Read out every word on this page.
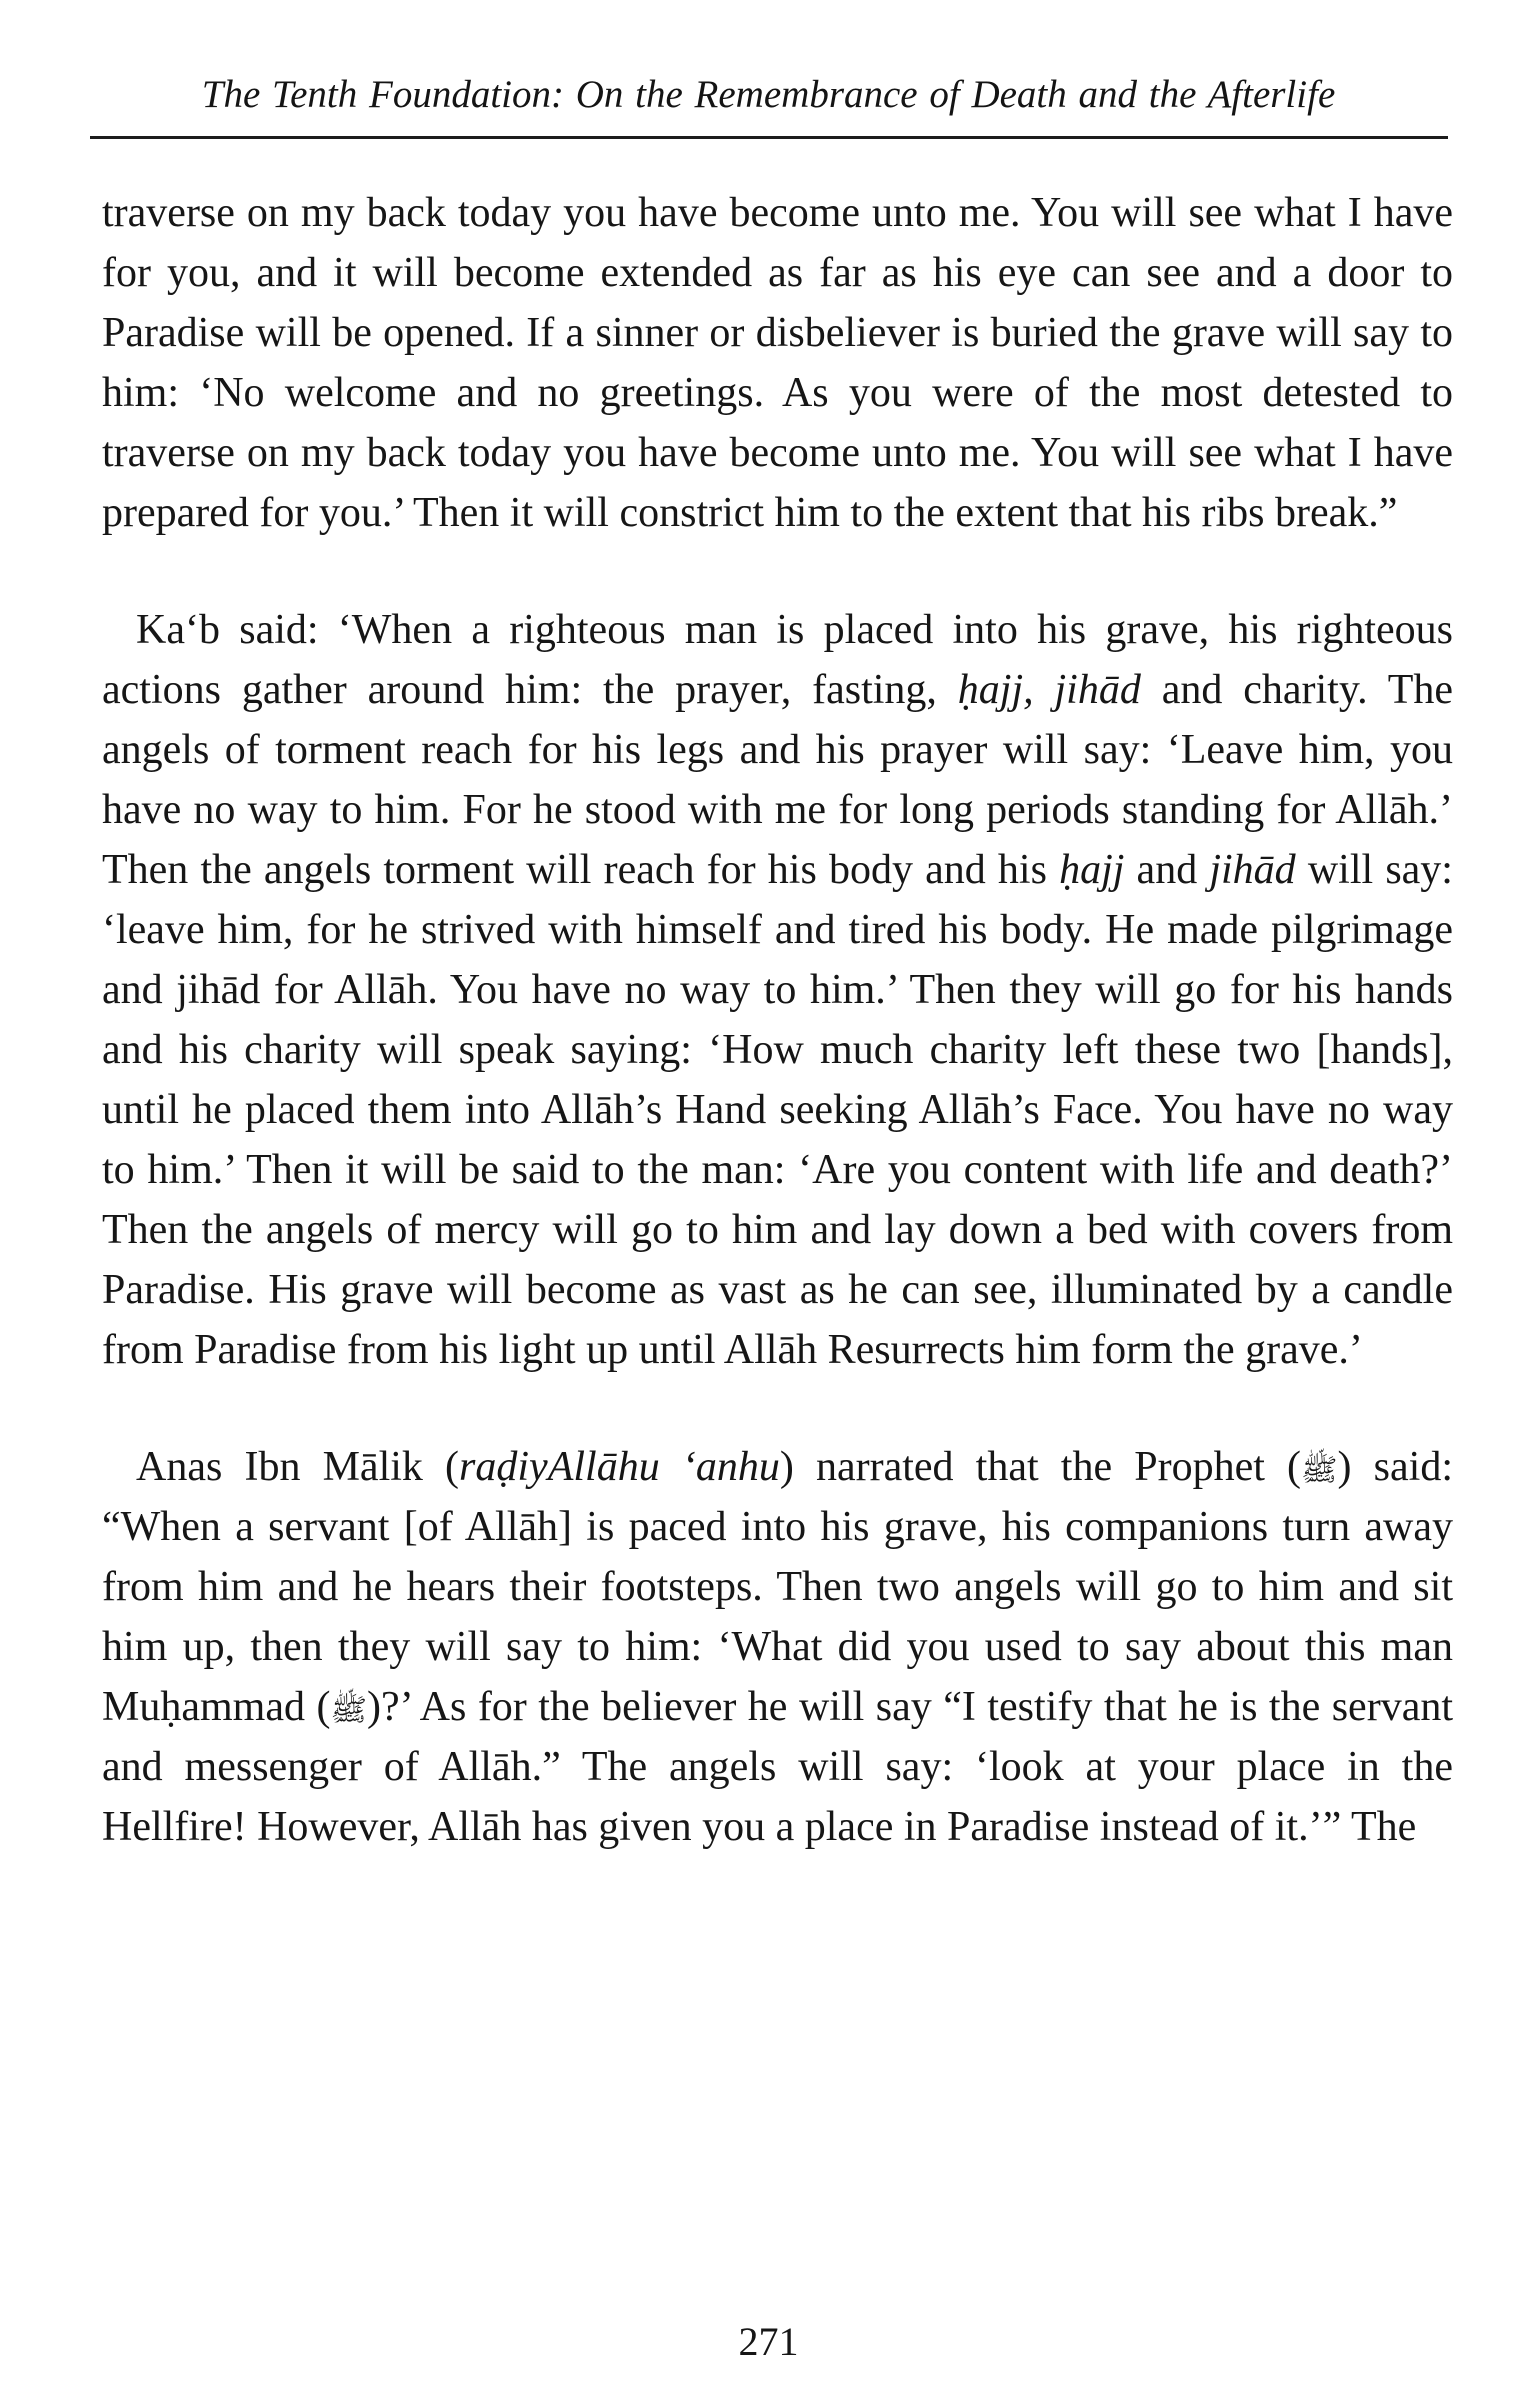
The Tenth Foundation: On the Remembrance of Death and the Afterlife

traverse on my back today you have become unto me. You will see what I have for you, and it will become extended as far as his eye can see and a door to Paradise will be opened. If a sinner or disbeliever is buried the grave will say to him: ‘No welcome and no greetings. As you were of the most detested to traverse on my back today you have become unto me. You will see what I have prepared for you.’ Then it will constrict him to the extent that his ribs break.”

Ka‘b said: ‘When a righteous man is placed into his grave, his righteous actions gather around him: the prayer, fasting, ḥajj, jihād and charity. The angels of torment reach for his legs and his prayer will say: ‘Leave him, you have no way to him. For he stood with me for long periods standing for Allāh.’ Then the angels torment will reach for his body and his ḥajj and jihād will say: ‘leave him, for he strived with himself and tired his body. He made pilgrimage and jihād for Allāh. You have no way to him.’ Then they will go for his hands and his charity will speak saying: ‘How much charity left these two [hands], until he placed them into Allāh’s Hand seeking Allāh’s Face. You have no way to him.’ Then it will be said to the man: ‘Are you content with life and death?’ Then the angels of mercy will go to him and lay down a bed with covers from Paradise. His grave will become as vast as he can see, illuminated by a candle from Paradise from his light up until Allāh Resurrects him form the grave.’

Anas Ibn Mālik (raḍiyAllāhu ‘anhu) narrated that the Prophet (ﷺ) said: “When a servant [of Allāh] is paced into his grave, his companions turn away from him and he hears their footsteps. Then two angels will go to him and sit him up, then they will say to him: ‘What did you used to say about this man Muḥammad (ﷺ)?’ As for the believer he will say “I testify that he is the servant and messenger of Allāh.” The angels will say: ‘look at your place in the Hellfire! However, Allāh has given you a place in Paradise instead of it.’” The

271
